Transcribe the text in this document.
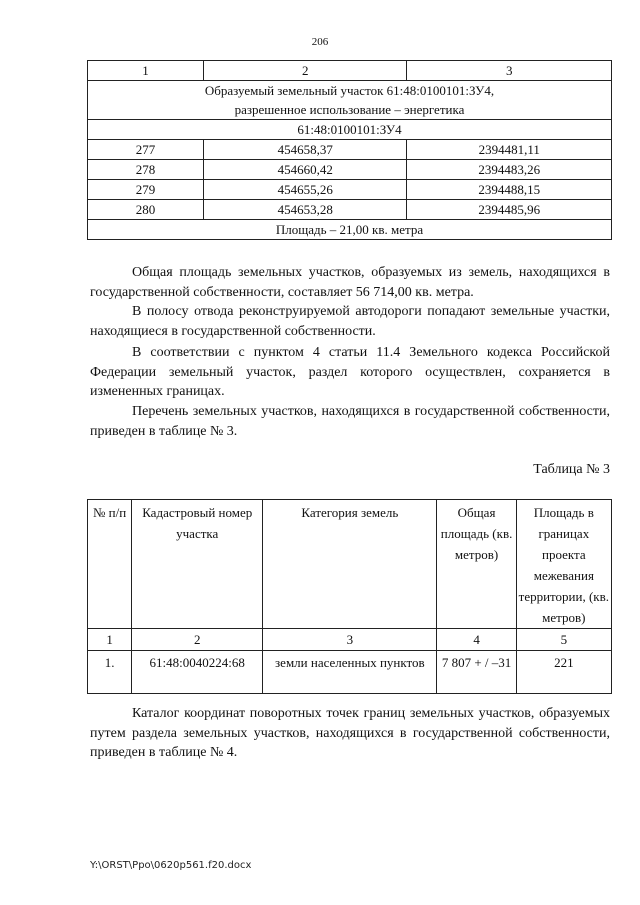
206
1	2	3

Образуемый земельный участок 61:48:0100101:ЗУ4,
разрешенное использование – энергетика		

61:48:0100101:ЗУ4		
277	454658,37	2394481,11
278	454660,42	2394483,26
279	454655,26	2394488,15
280	454653,28	2394485,96
Площадь – 21,00 кв. метра		

Общая площадь земельных участков, образуемых из земель, находящихся в государственной собственности, составляет 56 714,00 кв. метра.

В полосу отвода реконструируемой автодороги попадают земельные участки, находящиеся в государственной собственности.

В соответствии с пунктом 4 статьи 11.4 Земельного кодекса Российской Федерации земельный участок, раздел которого осуществлен, сохраняется в измененных границах.

Перечень земельных участков, находящихся в государственной собственности, приведен в таблице № 3.

Таблица № 3
№ п/п	Кадастровый номер участка	Категория земель	Общая площадь (кв. метров)	Площадь в границах проекта межевания территории, (кв. метров)
1	2	3	4	5
1.	61:48:0040224:68	земли населенных пунктов	7 807 + / –31	221

Каталог координат поворотных точек границ земельных участков, образуемых путем раздела земельных участков, находящихся в государственной собственности, приведен в таблице № 4.

Y:\ORST\Ppo\0620p561.f20.docx
